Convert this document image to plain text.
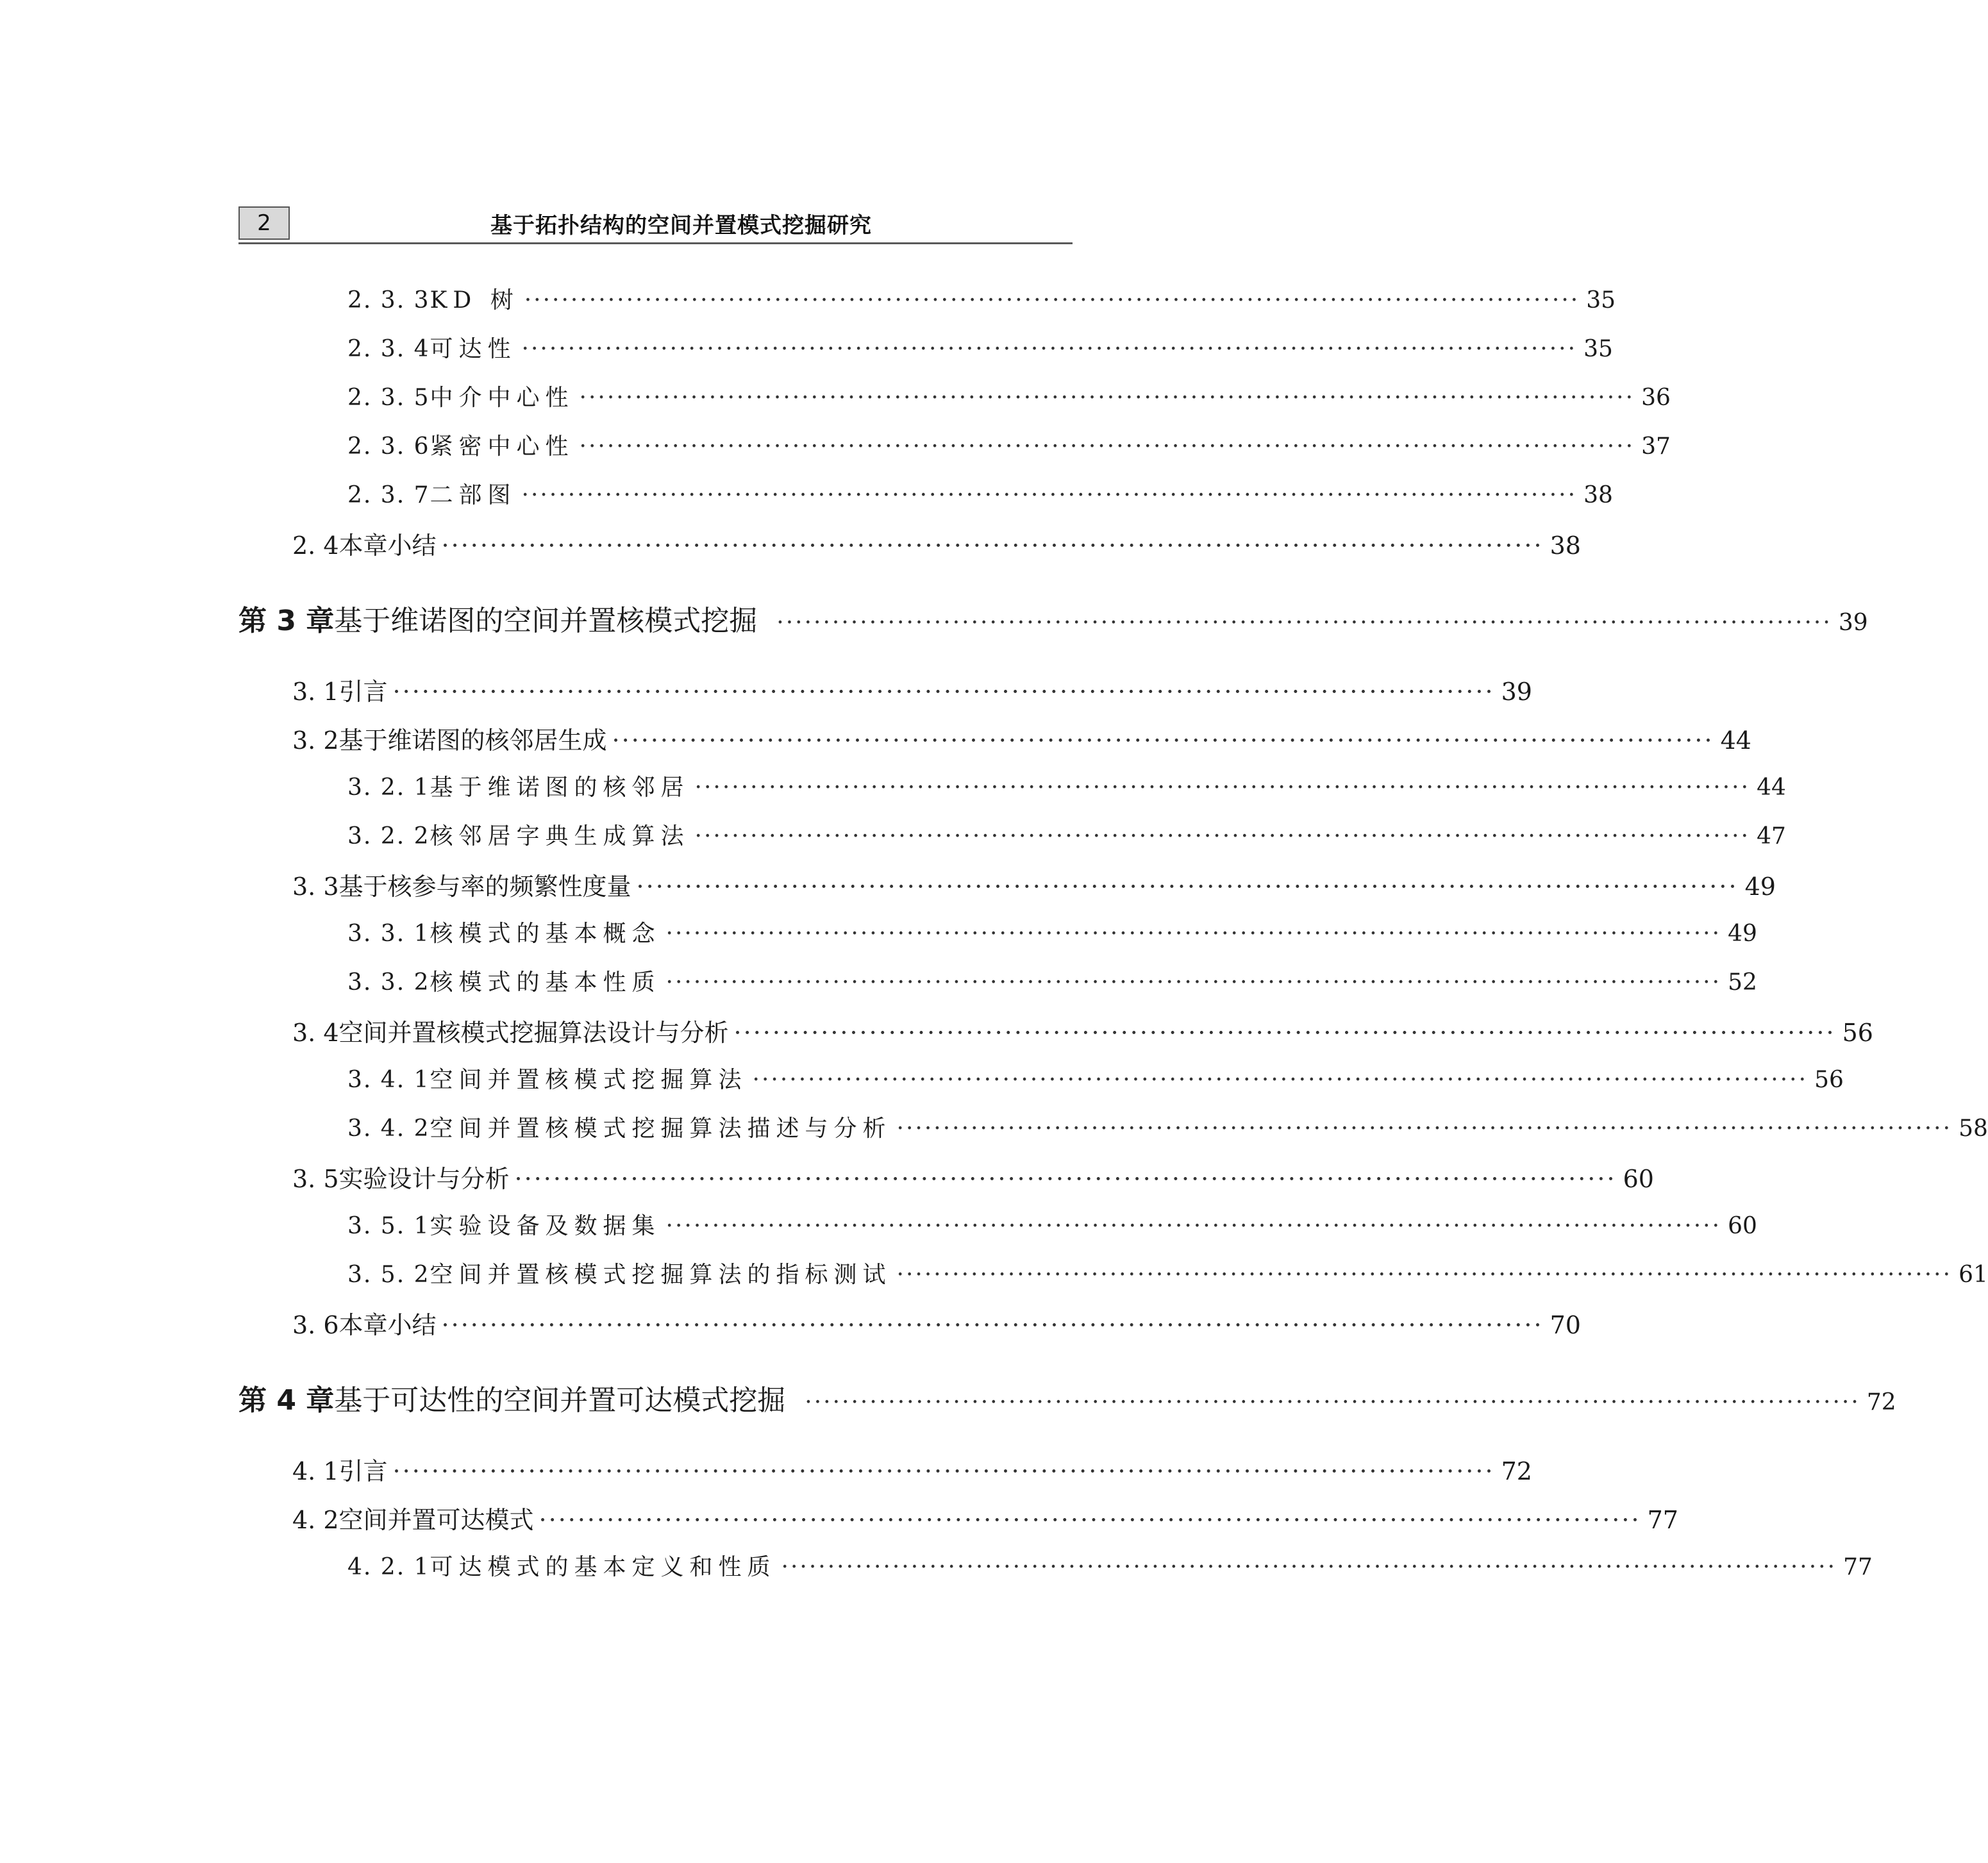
2	基于拓扑结构的空间并置模式挖掘研究
2. 3. 3 KD 树 ·················································································································· 35
2. 3. 4 可达性 ·················································································································· 35
2. 3. 5 中介中心性 ·················································································································· 36
2. 3. 6 紧密中心性 ·················································································································· 37
2. 3. 7 二部图 ·················································································································· 38
2. 4 本章小结 ·················································································································· 38
第 3 章 基于维诺图的空间并置核模式挖掘 ·················································································································· 39
3. 1 引言 ·················································································································· 39
3. 2 基于维诺图的核邻居生成 ·················································································································· 44
3. 2. 1 基于维诺图的核邻居 ·················································································································· 44
3. 2. 2 核邻居字典生成算法 ·················································································································· 47
3. 3 基于核参与率的频繁性度量 ·················································································································· 49
3. 3. 1 核模式的基本概念 ·················································································································· 49
3. 3. 2 核模式的基本性质 ·················································································································· 52
3. 4 空间并置核模式挖掘算法设计与分析 ·················································································································· 56
3. 4. 1 空间并置核模式挖掘算法 ·················································································································· 56
3. 4. 2 空间并置核模式挖掘算法描述与分析 ·················································································································· 58
3. 5 实验设计与分析 ·················································································································· 60
3. 5. 1 实验设备及数据集 ·················································································································· 60
3. 5. 2 空间并置核模式挖掘算法的指标测试 ·················································································································· 61
3. 6 本章小结 ·················································································································· 70
第 4 章 基于可达性的空间并置可达模式挖掘 ·················································································································· 72
4. 1 引言 ·················································································································· 72
4. 2 空间并置可达模式 ·················································································································· 77
4. 2. 1 可达模式的基本定义和性质 ·················································································································· 77
